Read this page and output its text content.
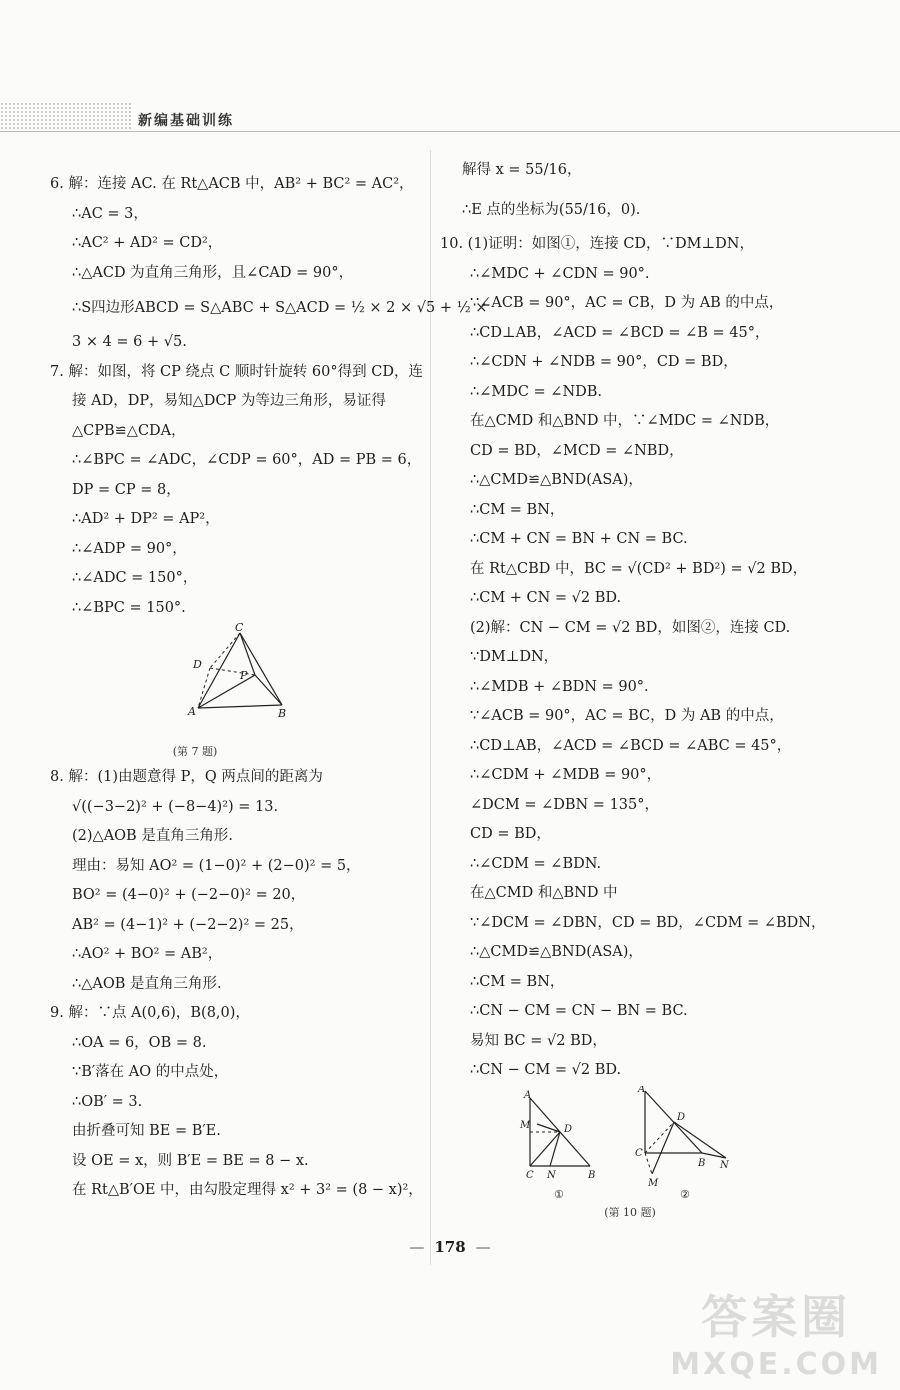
新编基础训练
6. 解：连接 AC. 在 Rt△ACB 中，AB² + BC² = AC²，
∴AC = 3，
∴AC² + AD² = CD²，
∴△ACD 为直角三角形，且∠CAD = 90°，
∴S四边形ABCD = S△ABC + S△ACD = ½ × 2 × √5 + ½ ×
3 × 4 = 6 + √5.
7. 解：如图，将 CP 绕点 C 顺时针旋转 60°得到 CD，连
接 AD，DP，易知△DCP 为等边三角形，易证得
△CPB≌△CDA，
∴∠BPC = ∠ADC，∠CDP = 60°，AD = PB = 6，
DP = CP = 8，
∴AD² + DP² = AP²，
∴∠ADP = 90°，
∴∠ADC = 150°，
∴∠BPC = 150°.
C
D
P
A	B
(第 7 题)
8. 解：(1)由题意得 P，Q 两点间的距离为
√((−3−2)² + (−8−4)²) = 13.
(2)△AOB 是直角三角形.
理由：易知 AO² = (1−0)² + (2−0)² = 5，
BO² = (4−0)² + (−2−0)² = 20，
AB² = (4−1)² + (−2−2)² = 25，
∴AO² + BO² = AB²，
∴△AOB 是直角三角形.
9. 解：∵点 A(0,6)，B(8,0)，
∴OA = 6，OB = 8.
∵B′落在 AO 的中点处，
∴OB′ = 3.
由折叠可知 BE = B′E.
设 OE = x，则 B′E = BE = 8 − x.
在 Rt△B′OE 中，由勾股定理得 x² + 3² = (8 − x)²，
解得 x = 55/16，
∴E 点的坐标为(55/16，0).
10. (1)证明：如图①，连接 CD，∵DM⊥DN，
∴∠MDC + ∠CDN = 90°.
∵∠ACB = 90°，AC = CB，D 为 AB 的中点，
∴CD⊥AB，∠ACD = ∠BCD = ∠B = 45°，
∴∠CDN + ∠NDB = 90°，CD = BD，
∴∠MDC = ∠NDB.
在△CMD 和△BND 中，∵∠MDC = ∠NDB，
CD = BD，∠MCD = ∠NBD，
∴△CMD≌△BND(ASA)，
∴CM = BN，
∴CM + CN = BN + CN = BC.
在 Rt△CBD 中，BC = √(CD² + BD²) = √2 BD，
∴CM + CN = √2 BD.
(2)解：CN − CM = √2 BD，如图②，连接 CD.
∵DM⊥DN，
∴∠MDB + ∠BDN = 90°.
∵∠ACB = 90°，AC = BC，D 为 AB 的中点，
∴CD⊥AB，∠ACD = ∠BCD = ∠ABC = 45°，
∴∠CDM + ∠MDB = 90°，
∠DCM = ∠DBN = 135°，
CD = BD，
∴∠CDM = ∠BDN.
在△CMD 和△BND 中
∵∠DCM = ∠DBN，CD = BD，∠CDM = ∠BDN，
∴△CMD≌△BND(ASA)，
∴CM = BN，
∴CN − CM = CN − BN = BC.
易知 BC = √2 BD，
∴CN − CM = √2 BD.
A
M	D
C N	B
A
D
C
B N
M
①	②
(第 10 题)
— 178 —
答案圈
MXQE.COM
